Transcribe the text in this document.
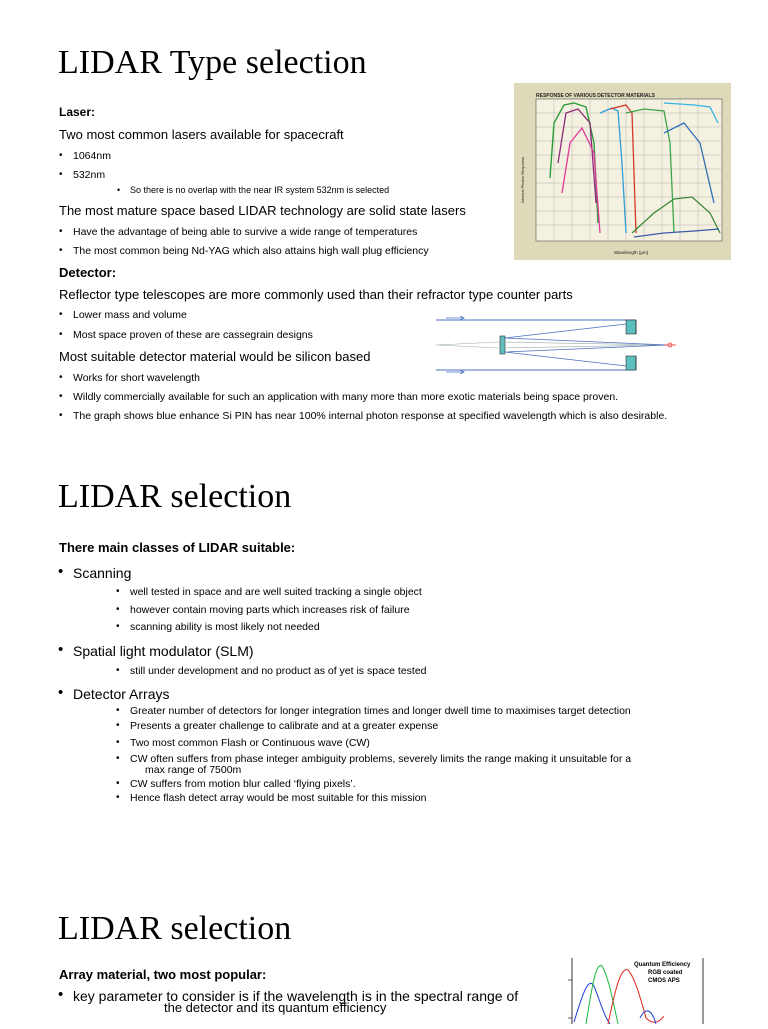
LIDAR Type selection
Laser:
Two most common lasers available for spacecraft
• 1064nm
• 532nm
• So there is no overlap with the near IR system 532nm is selected
The most mature space based LIDAR technology are solid state lasers
• Have the advantage of being able to survive a wide range of temperatures
• The most common being Nd-YAG which also attains high wall plug efficiency
Detector:
Reflector type telescopes are more commonly used than their refractor type counter parts
• Lower mass and volume
• Most space proven of these are cassegrain designs
Most suitable detector material would be silicon based
• Works for short wavelength
• Wildly commercially available for such an application with many more than more exotic materials being space proven.
• The graph shows blue enhance Si PIN has near 100% internal photon response at specified wavelength which is also desirable.
RESPONSE OF VARIOUS DETECTOR MATERIALS
Internal Photon Response
Wavelength (µm)
LIDAR selection
There main classes of LIDAR suitable:
• Scanning
• well tested in space and are well suited tracking a single object
• however contain moving parts which increases risk of failure
• scanning ability is most likely not needed
• Spatial light modulator (SLM)
• still under development and no product as of yet is space tested
• Detector Arrays
• Greater number of detectors for longer integration times and longer dwell time to maximises target detection
• Presents a greater challenge to calibrate and at a greater expense
• Two most common Flash or Continuous wave (CW)
• CW often suffers from phase integer ambiguity problems, severely limits the range making it unsuitable for a
max range of 7500m
• CW suffers from motion blur called ‘flying pixels’.
• Hence flash detect array would be most suitable for this mission
LIDAR selection
Array material, two most popular:
• key parameter to consider is if the wavelength is in the spectral range of
the detector and its quantum efficiency
Quantum Efficiency
RGB coated
CMOS APS
